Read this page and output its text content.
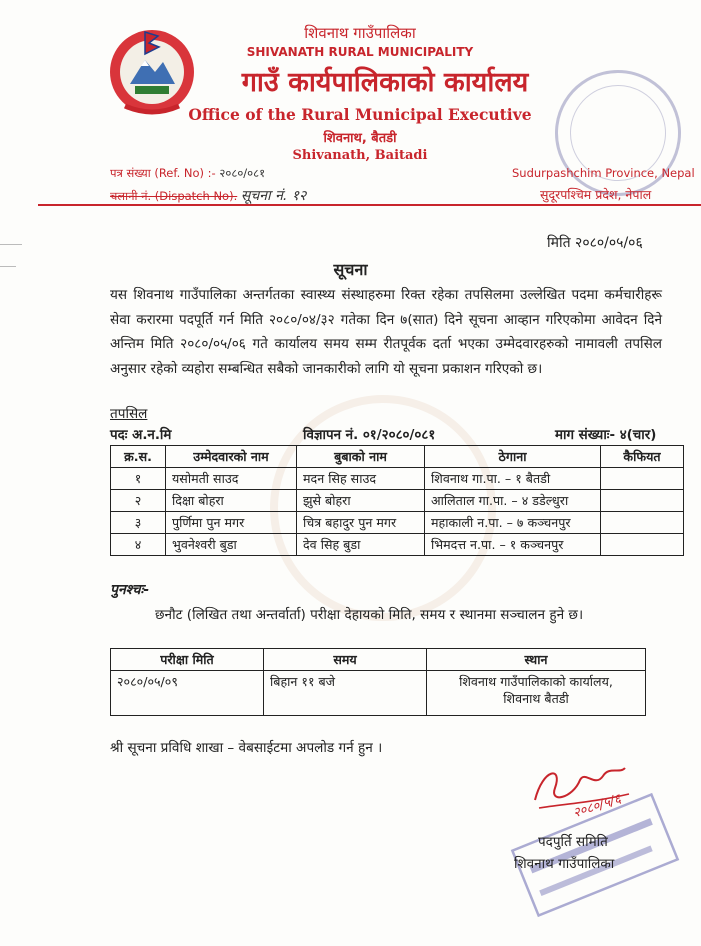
शिवनाथ गाउँपालिका
SHIVANATH RURAL MUNICIPALITY
गाउँ कार्यपालिकाको कार्यालय
Office of the Rural Municipal Executive
शिवनाथ, बैतडी
Shivanath, Baitadi
पत्र संख्या (Ref. No) :- २०८०/०८१
चलानी नं. (Dispatch No). सूचना नं. १२
Sudurpashchim Province, Nepal
सुदूरपश्चिम प्रदेश, नेपाल
मिति २०८०/०५/०६
सूचना
यस शिवनाथ गाउँपालिका अन्तर्गतका स्वास्थ्य संस्थाहरुमा रिक्त रहेका तपसिलमा उल्लेखित पदमा कर्मचारीहरू सेवा करारमा पदपूर्ति गर्न मिति २०८०/०४/३२ गतेका दिन ७(सात) दिने सूचना आव्हान गरिएकोमा आवेदन दिने अन्तिम मिति २०८०/०५/०६ गते कार्यालय समय सम्म रीतपूर्वक दर्ता भएका उम्मेदवारहरुको नामावली तपसिल अनुसार रहेको व्यहोरा सम्बन्धित सबैको जानकारीको लागि यो सूचना प्रकाशन गरिएको छ।
तपसिल
पदः अ.न.मि	विज्ञापन नं. ०१/२०८०/०८१	माग संख्याः- ४(चार)
क्र.स.	उम्मेदवारको नाम	बुबाको नाम	ठेगाना	कैफियत
१	यसोमती साउद	मदन सिह साउद	शिवनाथ गा.पा. – १ बैतडी	
२	दिक्षा बोहरा	झुसे बोहरा	आलिताल गा.पा. – ४ डडेल्धुरा	
३	पुर्णिमा पुन मगर	चित्र बहादुर पुन मगर	महाकाली न.पा. – ७ कञ्चनपुर	
४	भुवनेश्वरी बुडा	देव सिह बुडा	भिमदत्त न.पा. – १ कञ्चनपुर	
पुनश्चः-
छनौट (लिखित तथा अन्तर्वार्ता) परीक्षा देहायको मिति, समय र स्थानमा सञ्चालन हुने छ।
परीक्षा मिति	समय	स्थान
२०८०/०५/०९	बिहान ११ बजे	शिवनाथ गाउँपालिकाको कार्यालय,
शिवनाथ बैतडी
श्री सूचना प्रविधि शाखा – वेबसाईटमा अपलोड गर्न हुन ।
२०८०/५/६
पदपुर्ति समिति
शिवनाथ गाउँपालिका
